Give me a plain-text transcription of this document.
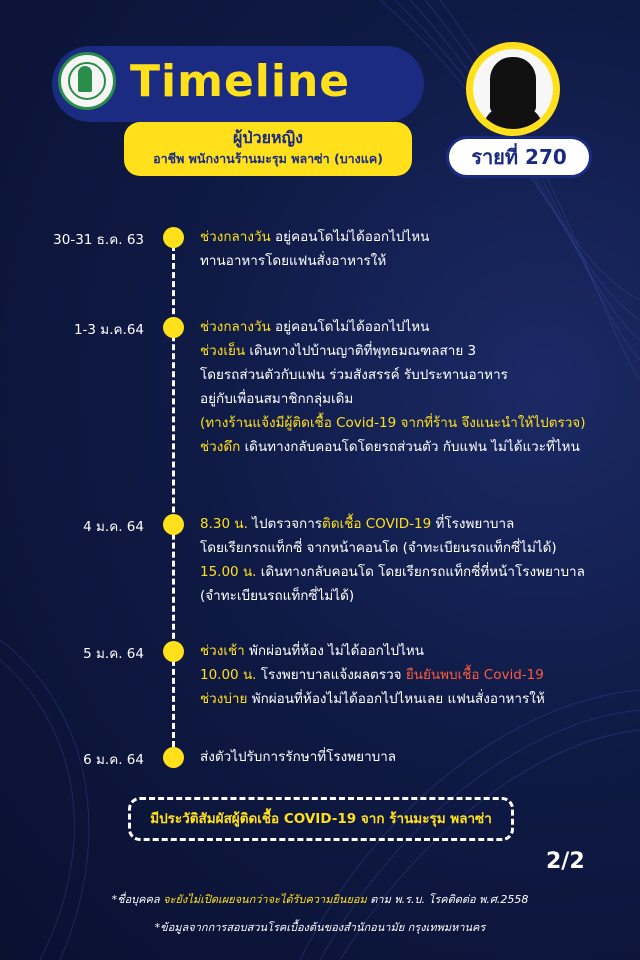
Timeline
ผู้ป่วยหญิง
อาชีพ พนักงานร้านมะรุม พลาซ่า (บางแค)	รายที่ 270
30-31 ธ.ค. 63	ช่วงกลางวัน อยู่คอนโดไม่ได้ออกไปไหน
ทานอาหารโดยแฟนสั่งอาหารให้
1-3 ม.ค.64	ช่วงกลางวัน อยู่คอนโดไม่ได้ออกไปไหน
ช่วงเย็น เดินทางไปบ้านญาติที่พุทธมณฑลสาย 3
โดยรถส่วนตัวกับแฟน ร่วมสังสรรค์ รับประทานอาหาร
อยู่กับเพื่อนสมาชิกกลุ่มเดิม
(ทางร้านแจ้งมีผู้ติดเชื้อ Covid-19 จากที่ร้าน จึงแนะนำให้ไปตรวจ)
ช่วงดึก เดินทางกลับคอนโดโดยรถส่วนตัว กับแฟน ไม่ได้แวะที่ไหน
4 ม.ค. 64	8.30 น. ไปตรวจการติดเชื้อ COVID-19 ที่โรงพยาบาล
โดยเรียกรถแท็กซี่ จากหน้าคอนโด (จำทะเบียนรถแท็กซี่ไม่ได้)
15.00 น. เดินทางกลับคอนโด โดยเรียกรถแท็กซี่ที่หน้าโรงพยาบาล
(จำทะเบียนรถแท็กซี่ไม่ได้)
5 ม.ค. 64	ช่วงเช้า พักผ่อนที่ห้อง ไม่ได้ออกไปไหน
10.00 น. โรงพยาบาลแจ้งผลตรวจ ยืนยันพบเชื้อ Covid-19
ช่วงบ่าย พักผ่อนที่ห้องไม่ได้ออกไปไหนเลย แฟนสั่งอาหารให้
6 ม.ค. 64	ส่งตัวไปรับการรักษาที่โรงพยาบาล
มีประวัติสัมผัสผู้ติดเชื้อ COVID-19 จาก ร้านมะรุม พลาซ่า
2/2
*ชื่อบุคคล จะยังไม่เปิดเผยจนกว่าจะได้รับความยินยอม ตาม พ.ร.บ. โรคติดต่อ พ.ศ.2558
*ข้อมูลจากการสอบสวนโรคเบื้องต้นของสำนักอนามัย กรุงเทพมหานคร
